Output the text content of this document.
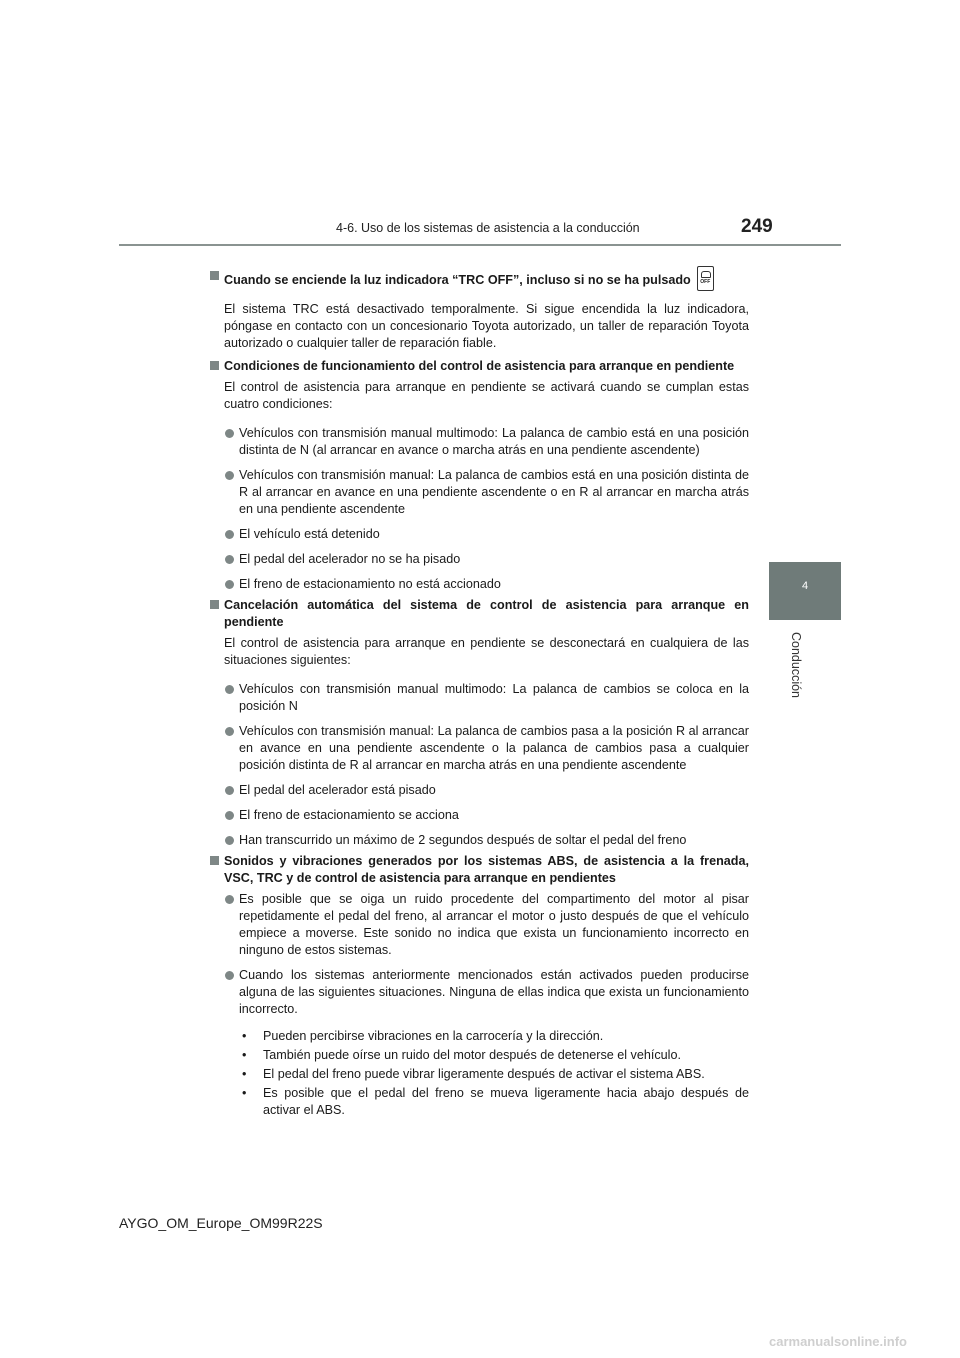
4-6. Uso de los sistemas de asistencia a la conducción	249
4
Conducción
Cuando se enciende la luz indicadora “TRC OFF”, incluso si no se ha pulsado	OFF
El sistema TRC está desactivado temporalmente. Si sigue encendida la luz indicadora, póngase en contacto con un concesionario Toyota autorizado, un taller de reparación Toyota autorizado o cualquier taller de reparación fiable.
Condiciones de funcionamiento del control de asistencia para arranque en pendiente
El control de asistencia para arranque en pendiente se activará cuando se cumplan estas cuatro condiciones:
Vehículos con transmisión manual multimodo: La palanca de cambio está en una posición distinta de N (al arrancar en avance o marcha atrás en una pendiente ascendente)
Vehículos con transmisión manual: La palanca de cambios está en una posición distinta de R al arrancar en avance en una pendiente ascendente o en R al arrancar en marcha atrás en una pendiente ascendente
El vehículo está detenido
El pedal del acelerador no se ha pisado
El freno de estacionamiento no está accionado
Cancelación automática del sistema de control de asistencia para arranque en pendiente
El control de asistencia para arranque en pendiente se desconectará en cualquiera de las situaciones siguientes:
Vehículos con transmisión manual multimodo: La palanca de cambios se coloca en la posición N
Vehículos con transmisión manual: La palanca de cambios pasa a la posición R al arrancar en avance en una pendiente ascendente o la palanca de cambios pasa a cualquier posición distinta de R al arrancar en marcha atrás en una pendiente ascendente
El pedal del acelerador está pisado
El freno de estacionamiento se acciona
Han transcurrido un máximo de 2 segundos después de soltar el pedal del freno
Sonidos y vibraciones generados por los sistemas ABS, de asistencia a la frenada, VSC, TRC y de control de asistencia para arranque en pendientes
Es posible que se oiga un ruido procedente del compartimento del motor al pisar repetidamente el pedal del freno, al arrancar el motor o justo después de que el vehículo empiece a moverse. Este sonido no indica que exista un funcionamiento incorrecto en ninguno de estos sistemas.
Cuando los sistemas anteriormente mencionados están activados pueden producirse alguna de las siguientes situaciones. Ninguna de ellas indica que exista un funcionamiento incorrecto.
• Pueden percibirse vibraciones en la carrocería y la dirección.
• También puede oírse un ruido del motor después de detenerse el vehículo.
• El pedal del freno puede vibrar ligeramente después de activar el sistema ABS.
• Es posible que el pedal del freno se mueva ligeramente hacia abajo después de activar el ABS.
AYGO_OM_Europe_OM99R22S
carmanualsonline.info
